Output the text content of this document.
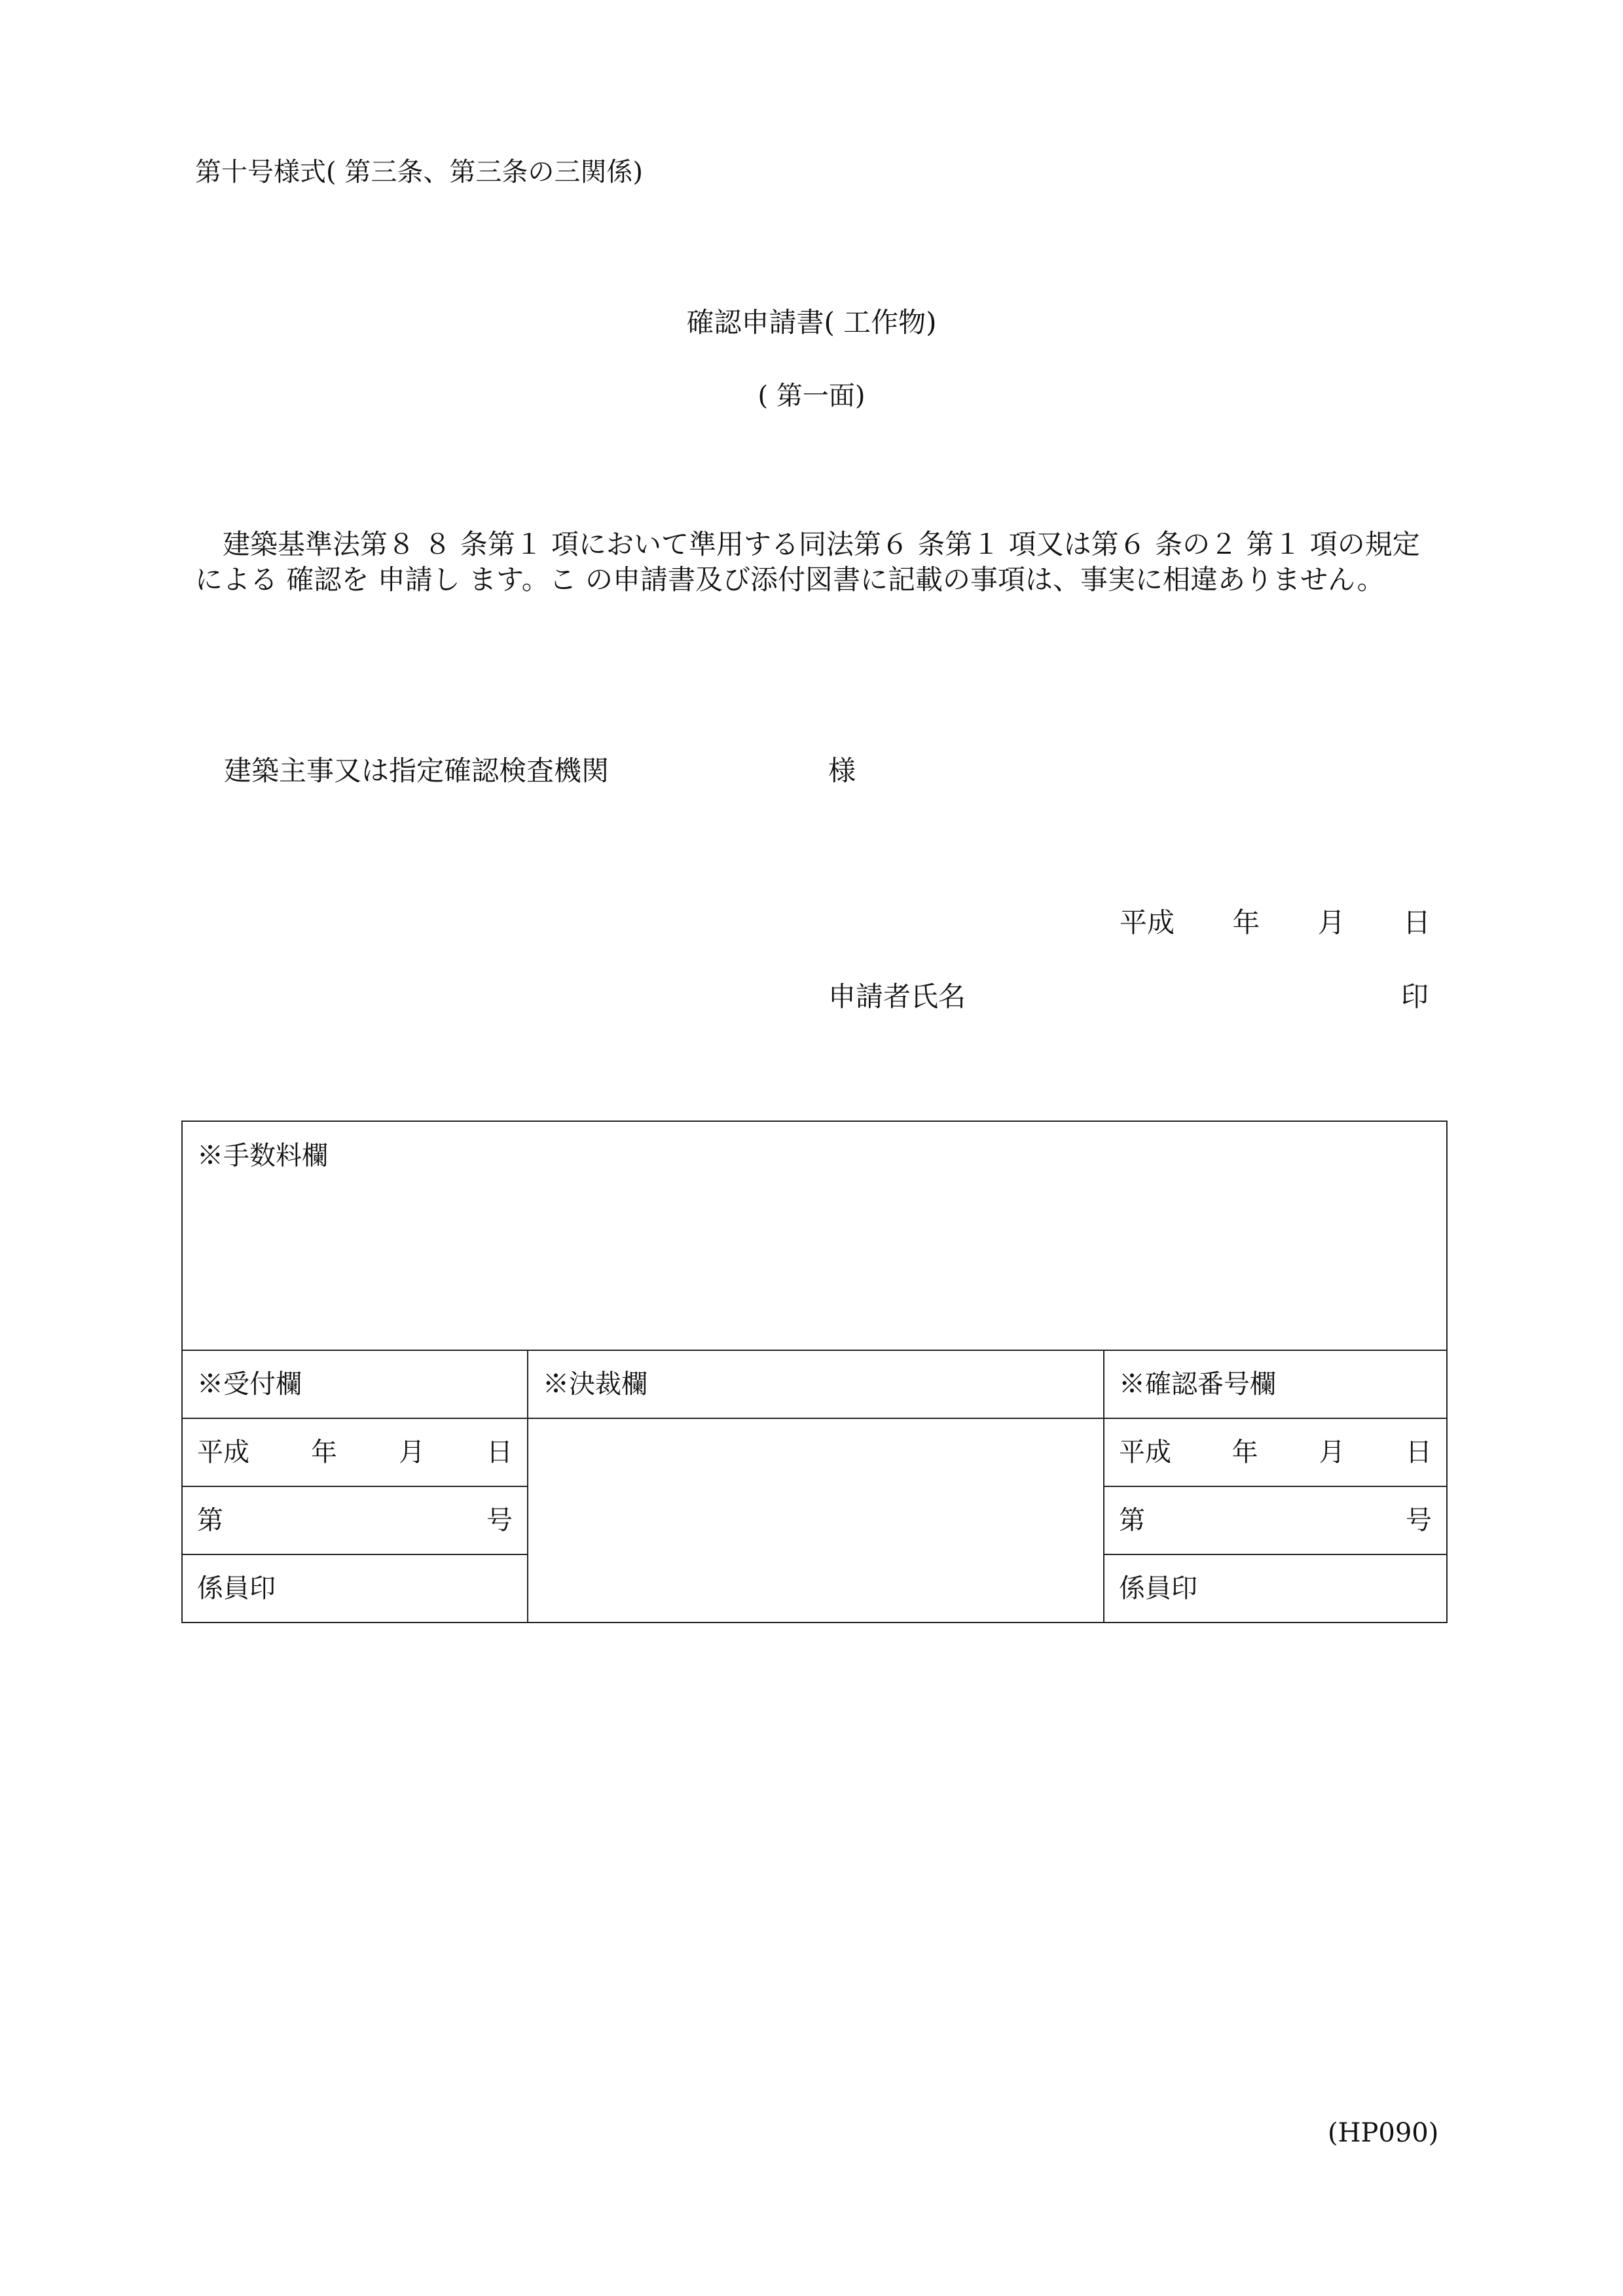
第十号様式( 第三条、第三条の三関係)
確認申請書( 工作物)
( 第一面)
建築基準法第８ ８ 条第１ 項において準用する同法第６ 条第１ 項又は第６ 条の２ 第１ 項の規定による 確認を 申請し ます。こ の申請書及び添付図書に記載の事項は、事実に相違ありません。
建築主事又は指定確認検査機関	様
平成 年 月 日
申請者氏名	印
※手数料欄		
※受付欄	※決裁欄	※確認番号欄

平成 年 月 日		平成 年 月 日

第 号		第 号

係員印		係員印
(HP090)
